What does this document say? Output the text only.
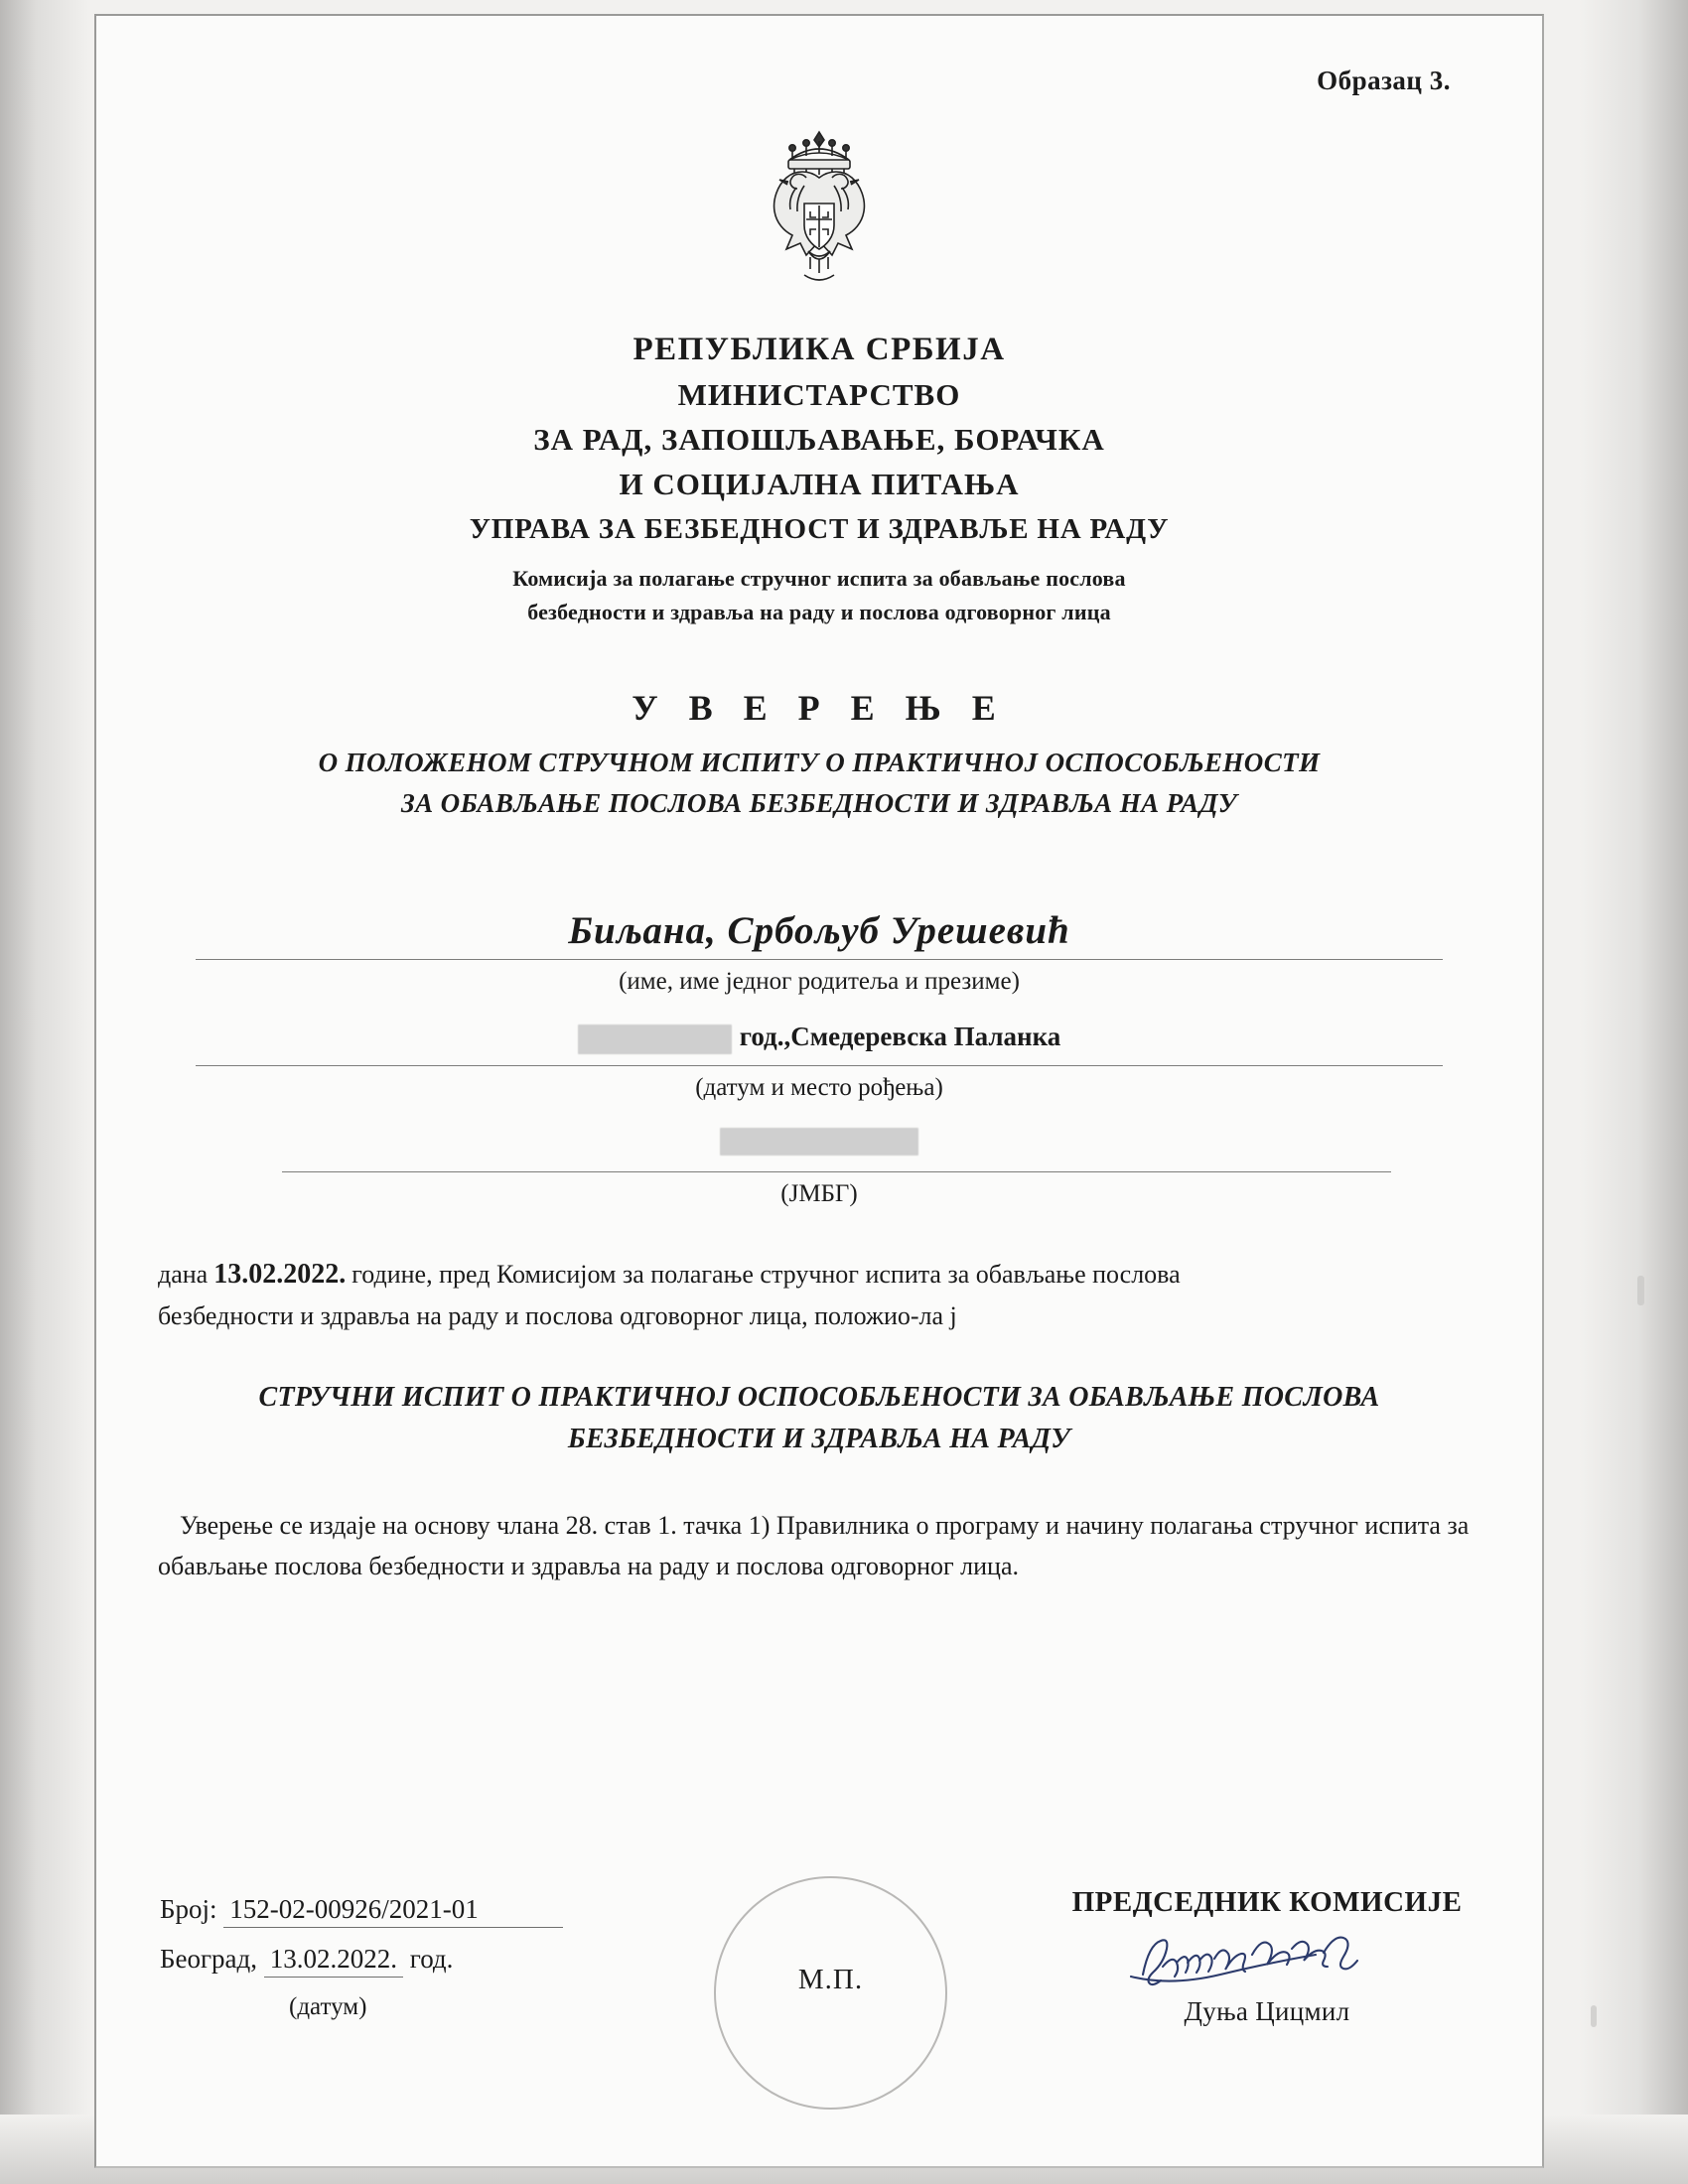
Образац 3.
РЕПУБЛИКА СРБИЈА
МИНИСТАРСТВО
ЗА РАД, ЗАПОШЉАВАЊЕ, БОРАЧКА
И СОЦИЈАЛНА ПИТАЊА
УПРАВА ЗА БЕЗБЕДНОСТ И ЗДРАВЉЕ НА РАДУ
Комисија за полагање стручног испита за обављање послова
безбедности и здравља на раду и послова одговорног лица
У В Е Р Е Њ Е
О ПОЛОЖЕНОМ СТРУЧНОМ ИСПИТУ О ПРАКТИЧНОЈ ОСПОСОБЉЕНОСТИ
ЗА ОБАВЉАЊЕ ПОСЛОВА БЕЗБЕДНОСТИ И ЗДРАВЉА НА РАДУ
Биљана, Србољуб Урешевић
(име, име једног родитеља и презиме)
год.,Смедеревска Паланка
(датум и место рођења)
(ЈМБГ)
дана 13.02.2022. године, пред Комисијом за полагање стручног испита за обављање послова
безбедности и здравља на раду и послова одговорног лица, положио-ла ј
СТРУЧНИ ИСПИТ О ПРАКТИЧНОЈ ОСПОСОБЉЕНОСТИ ЗА ОБАВЉАЊЕ ПОСЛОВА
БЕЗБЕДНОСТИ И ЗДРАВЉА НА РАДУ
Уверење се издаје на основу члана 28. став 1. тачка 1) Правилника о програму и начину полагања стручног испита за обављање послова безбедности и здравља на раду и послова одговорног лица.
Број: 152-02-00926/2021-01
Београд, 13.02.2022. год.
(датум)
М.П.
ПРЕДСЕДНИК КОМИСИЈЕ
Дуња Цицмил
